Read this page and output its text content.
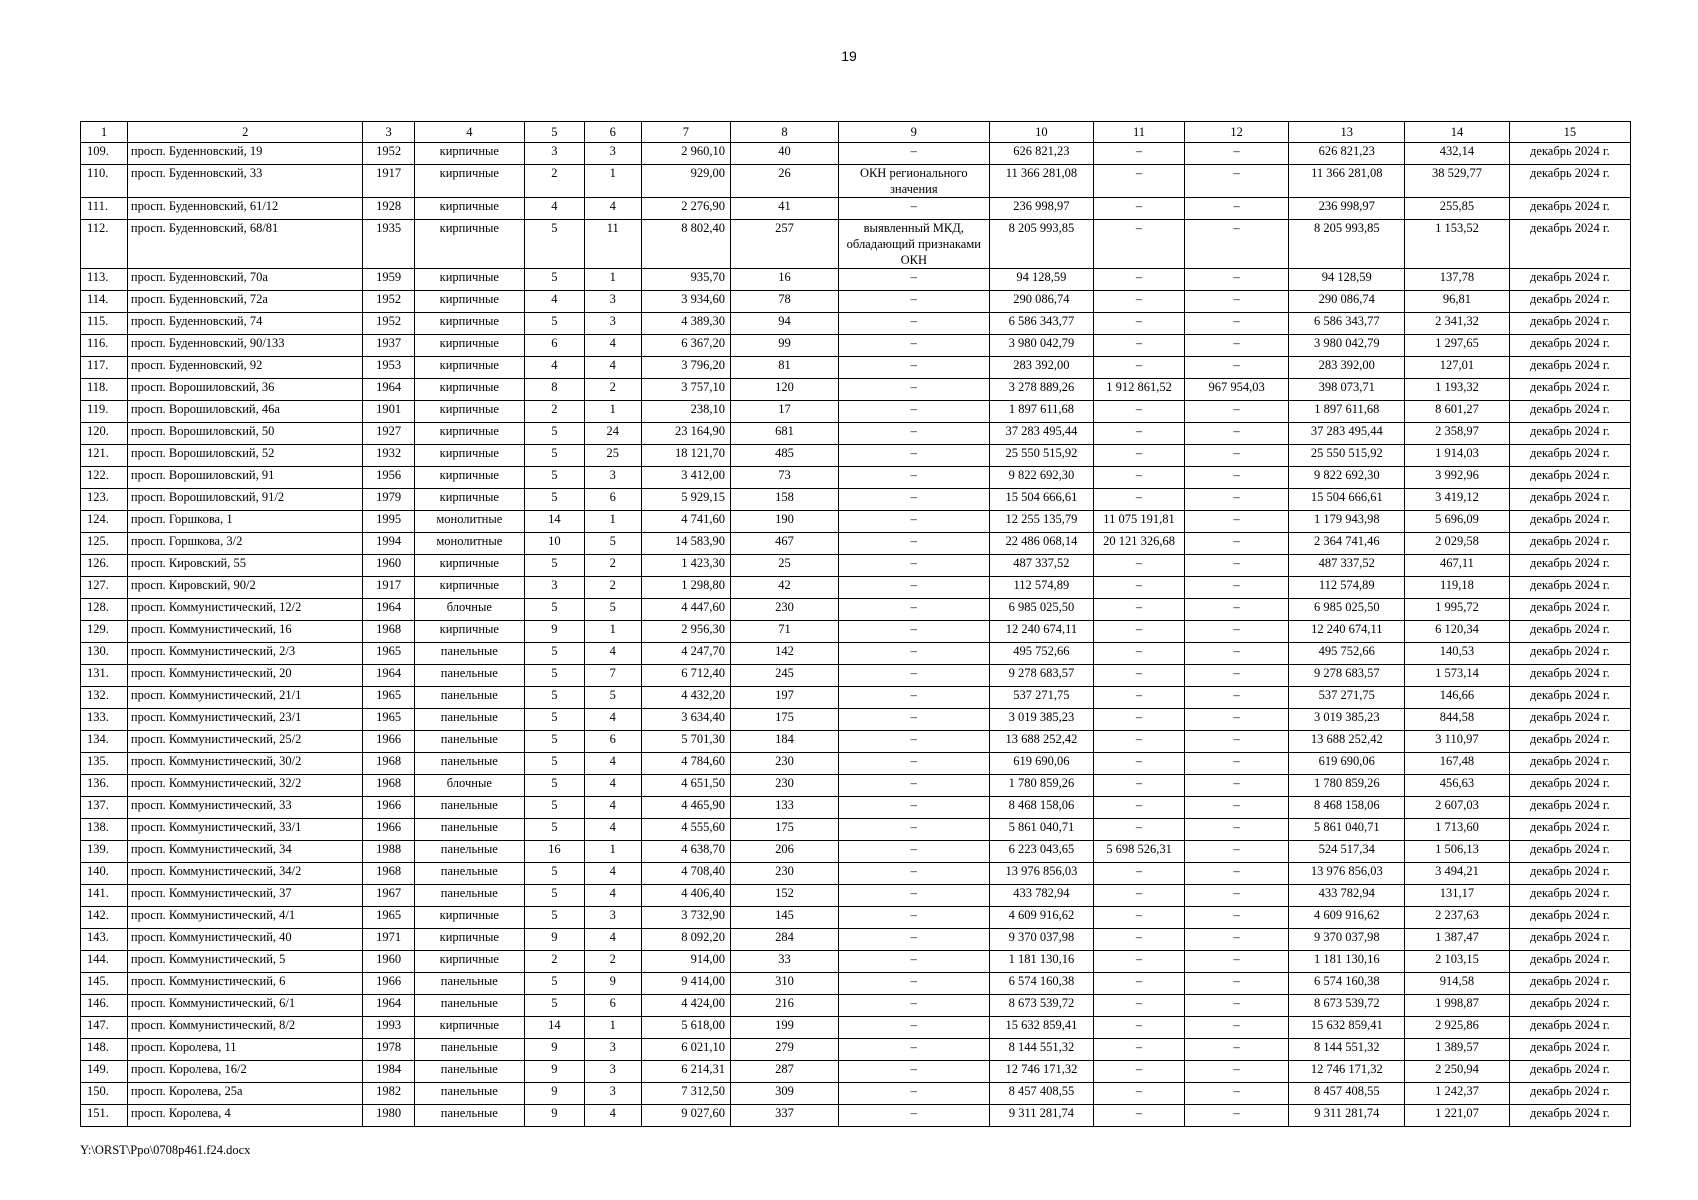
19
1	2	3	4	5	6	7	8	9	10	11	12	13	14	15
109.	просп. Буденновский, 19	1952	кирпичные	3	3	2 960,10	40	–	626 821,23	–	–	626 821,23	432,14	декабрь 2024 г.
110.	просп. Буденновский, 33	1917	кирпичные	2	1	929,00	26	ОКН регионального значения	11 366 281,08	–	–	11 366 281,08	38 529,77	декабрь 2024 г.
111.	просп. Буденновский, 61/12	1928	кирпичные	4	4	2 276,90	41	–	236 998,97	–	–	236 998,97	255,85	декабрь 2024 г.
112.	просп. Буденновский, 68/81	1935	кирпичные	5	11	8 802,40	257	выявленный МКД, обладающий признаками ОКН	8 205 993,85	–	–	8 205 993,85	1 153,52	декабрь 2024 г.
113.	просп. Буденновский, 70а	1959	кирпичные	5	1	935,70	16	–	94 128,59	–	–	94 128,59	137,78	декабрь 2024 г.
114.	просп. Буденновский, 72а	1952	кирпичные	4	3	3 934,60	78	–	290 086,74	–	–	290 086,74	96,81	декабрь 2024 г.
115.	просп. Буденновский, 74	1952	кирпичные	5	3	4 389,30	94	–	6 586 343,77	–	–	6 586 343,77	2 341,32	декабрь 2024 г.
116.	просп. Буденновский, 90/133	1937	кирпичные	6	4	6 367,20	99	–	3 980 042,79	–	–	3 980 042,79	1 297,65	декабрь 2024 г.
117.	просп. Буденновский, 92	1953	кирпичные	4	4	3 796,20	81	–	283 392,00	–	–	283 392,00	127,01	декабрь 2024 г.
118.	просп. Ворошиловский, 36	1964	кирпичные	8	2	3 757,10	120	–	3 278 889,26	1 912 861,52	967 954,03	398 073,71	1 193,32	декабрь 2024 г.
119.	просп. Ворошиловский, 46а	1901	кирпичные	2	1	238,10	17	–	1 897 611,68	–	–	1 897 611,68	8 601,27	декабрь 2024 г.
120.	просп. Ворошиловский, 50	1927	кирпичные	5	24	23 164,90	681	–	37 283 495,44	–	–	37 283 495,44	2 358,97	декабрь 2024 г.
121.	просп. Ворошиловский, 52	1932	кирпичные	5	25	18 121,70	485	–	25 550 515,92	–	–	25 550 515,92	1 914,03	декабрь 2024 г.
122.	просп. Ворошиловский, 91	1956	кирпичные	5	3	3 412,00	73	–	9 822 692,30	–	–	9 822 692,30	3 992,96	декабрь 2024 г.
123.	просп. Ворошиловский, 91/2	1979	кирпичные	5	6	5 929,15	158	–	15 504 666,61	–	–	15 504 666,61	3 419,12	декабрь 2024 г.
124.	просп. Горшкова, 1	1995	монолитные	14	1	4 741,60	190	–	12 255 135,79	11 075 191,81	–	1 179 943,98	5 696,09	декабрь 2024 г.
125.	просп. Горшкова, 3/2	1994	монолитные	10	5	14 583,90	467	–	22 486 068,14	20 121 326,68	–	2 364 741,46	2 029,58	декабрь 2024 г.
126.	просп. Кировский, 55	1960	кирпичные	5	2	1 423,30	25	–	487 337,52	–	–	487 337,52	467,11	декабрь 2024 г.
127.	просп. Кировский, 90/2	1917	кирпичные	3	2	1 298,80	42	–	112 574,89	–	–	112 574,89	119,18	декабрь 2024 г.
128.	просп. Коммунистический, 12/2	1964	блочные	5	5	4 447,60	230	–	6 985 025,50	–	–	6 985 025,50	1 995,72	декабрь 2024 г.
129.	просп. Коммунистический, 16	1968	кирпичные	9	1	2 956,30	71	–	12 240 674,11	–	–	12 240 674,11	6 120,34	декабрь 2024 г.
130.	просп. Коммунистический, 2/3	1965	панельные	5	4	4 247,70	142	–	495 752,66	–	–	495 752,66	140,53	декабрь 2024 г.
131.	просп. Коммунистический, 20	1964	панельные	5	7	6 712,40	245	–	9 278 683,57	–	–	9 278 683,57	1 573,14	декабрь 2024 г.
132.	просп. Коммунистический, 21/1	1965	панельные	5	5	4 432,20	197	–	537 271,75	–	–	537 271,75	146,66	декабрь 2024 г.
133.	просп. Коммунистический, 23/1	1965	панельные	5	4	3 634,40	175	–	3 019 385,23	–	–	3 019 385,23	844,58	декабрь 2024 г.
134.	просп. Коммунистический, 25/2	1966	панельные	5	6	5 701,30	184	–	13 688 252,42	–	–	13 688 252,42	3 110,97	декабрь 2024 г.
135.	просп. Коммунистический, 30/2	1968	панельные	5	4	4 784,60	230	–	619 690,06	–	–	619 690,06	167,48	декабрь 2024 г.
136.	просп. Коммунистический, 32/2	1968	блочные	5	4	4 651,50	230	–	1 780 859,26	–	–	1 780 859,26	456,63	декабрь 2024 г.
137.	просп. Коммунистический, 33	1966	панельные	5	4	4 465,90	133	–	8 468 158,06	–	–	8 468 158,06	2 607,03	декабрь 2024 г.
138.	просп. Коммунистический, 33/1	1966	панельные	5	4	4 555,60	175	–	5 861 040,71	–	–	5 861 040,71	1 713,60	декабрь 2024 г.
139.	просп. Коммунистический, 34	1988	панельные	16	1	4 638,70	206	–	6 223 043,65	5 698 526,31	–	524 517,34	1 506,13	декабрь 2024 г.
140.	просп. Коммунистический, 34/2	1968	панельные	5	4	4 708,40	230	–	13 976 856,03	–	–	13 976 856,03	3 494,21	декабрь 2024 г.
141.	просп. Коммунистический, 37	1967	панельные	5	4	4 406,40	152	–	433 782,94	–	–	433 782,94	131,17	декабрь 2024 г.
142.	просп. Коммунистический, 4/1	1965	кирпичные	5	3	3 732,90	145	–	4 609 916,62	–	–	4 609 916,62	2 237,63	декабрь 2024 г.
143.	просп. Коммунистический, 40	1971	кирпичные	9	4	8 092,20	284	–	9 370 037,98	–	–	9 370 037,98	1 387,47	декабрь 2024 г.
144.	просп. Коммунистический, 5	1960	кирпичные	2	2	914,00	33	–	1 181 130,16	–	–	1 181 130,16	2 103,15	декабрь 2024 г.
145.	просп. Коммунистический, 6	1966	панельные	5	9	9 414,00	310	–	6 574 160,38	–	–	6 574 160,38	914,58	декабрь 2024 г.
146.	просп. Коммунистический, 6/1	1964	панельные	5	6	4 424,00	216	–	8 673 539,72	–	–	8 673 539,72	1 998,87	декабрь 2024 г.
147.	просп. Коммунистический, 8/2	1993	кирпичные	14	1	5 618,00	199	–	15 632 859,41	–	–	15 632 859,41	2 925,86	декабрь 2024 г.
148.	просп. Королева, 11	1978	панельные	9	3	6 021,10	279	–	8 144 551,32	–	–	8 144 551,32	1 389,57	декабрь 2024 г.
149.	просп. Королева, 16/2	1984	панельные	9	3	6 214,31	287	–	12 746 171,32	–	–	12 746 171,32	2 250,94	декабрь 2024 г.
150.	просп. Королева, 25а	1982	панельные	9	3	7 312,50	309	–	8 457 408,55	–	–	8 457 408,55	1 242,37	декабрь 2024 г.
151.	просп. Королева, 4	1980	панельные	9	4	9 027,60	337	–	9 311 281,74	–	–	9 311 281,74	1 221,07	декабрь 2024 г.
Y:\ORST\Ppo\0708p461.f24.docx
